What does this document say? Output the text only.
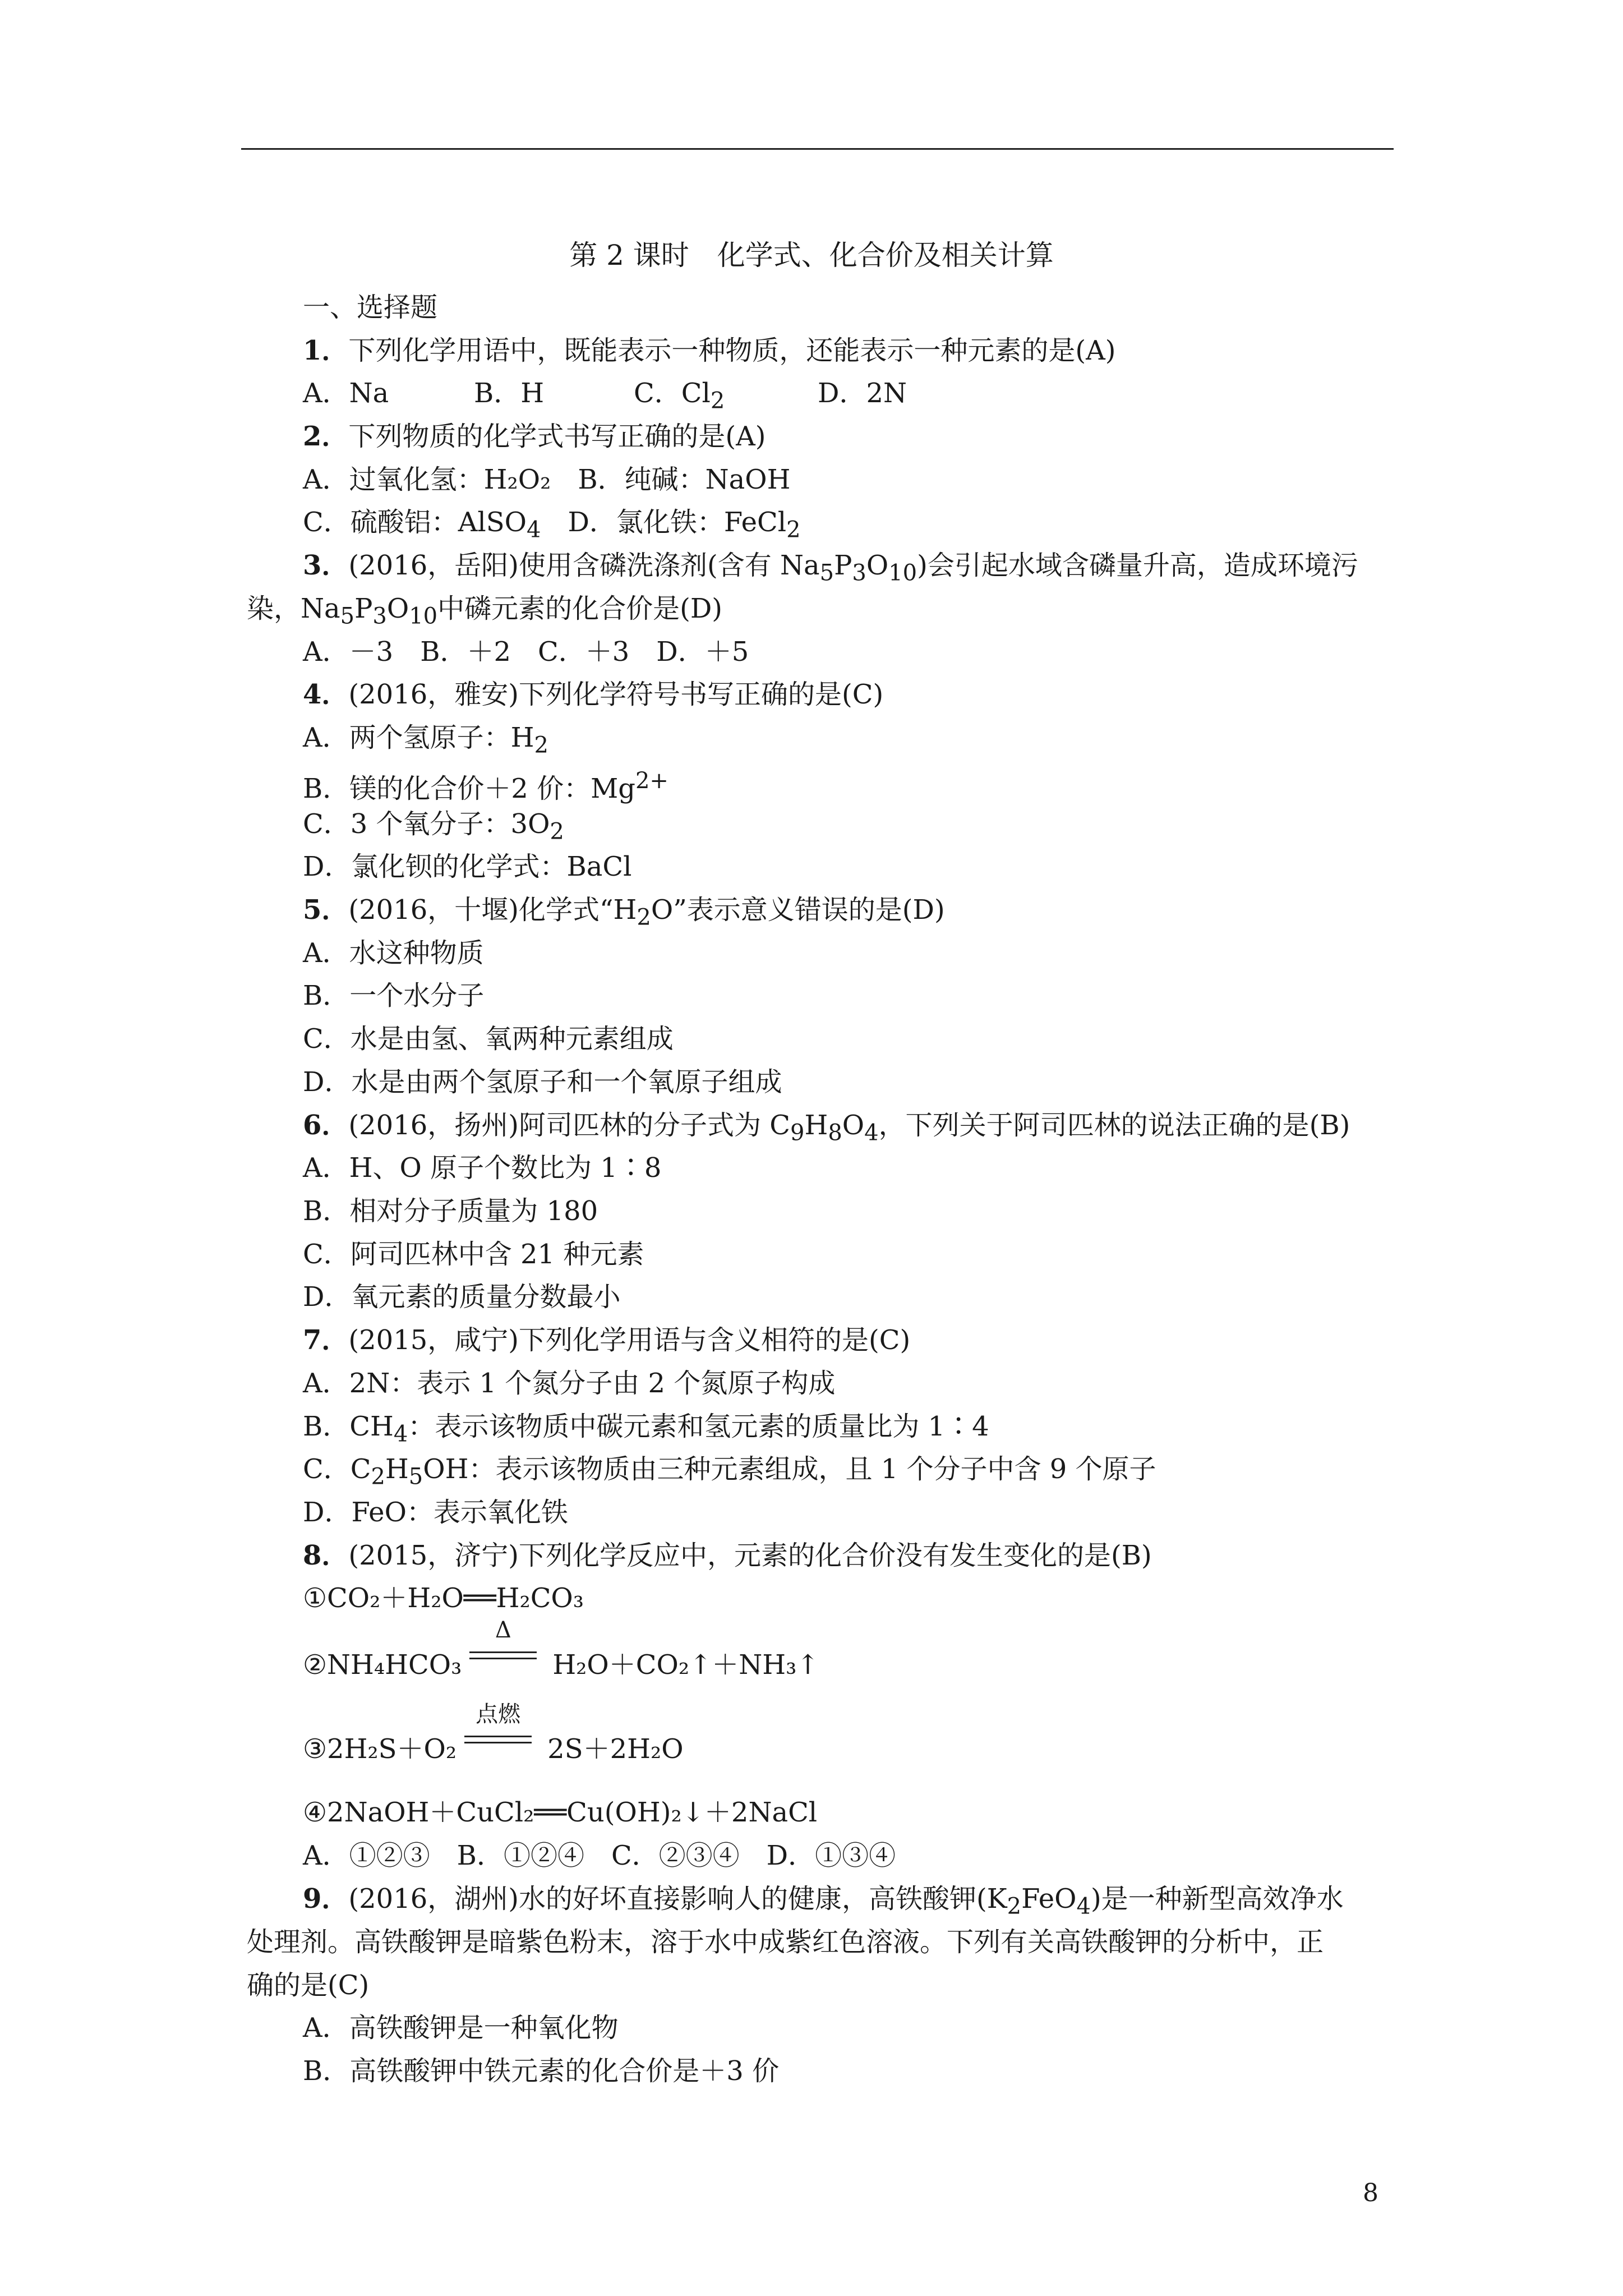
第 2 课时　化学式、化合价及相关计算
一、选择题
1．下列化学用语中，既能表示一种物质，还能表示一种元素的是(A)
A．Na	B．H	C．$Cl_2$	D．2N
2．下列物质的化学式书写正确的是(A)
A．过氧化氢：H₂O₂　B．纯碱：NaOH
C．硫酸铝：AlSO$_4$　D．氯化铁：FeCl$_2$
3．(2016，岳阳)使用含磷洗涤剂(含有 $Na_5P_3O_{10}$)会引起水域含磷量升高，造成环境污
染，$Na_5P_3O_{10}$中磷元素的化合价是(D)
A．－3　B．＋2　C．＋3　D．＋5
4．(2016，雅安)下列化学符号书写正确的是(C)
A．两个氢原子：$H_2$
B．镁的化合价＋2 价：$Mg^{2+}$
C．3 个氧分子：$3O_2$
D．氯化钡的化学式：BaCl
5．(2016，十堰)化学式“$H_2O$”表示意义错误的是(D)
A．水这种物质
B．一个水分子
C．水是由氢、氧两种元素组成
D．水是由两个氢原子和一个氧原子组成
6．(2016，扬州)阿司匹林的分子式为 $C_9H_8O_4$，下列关于阿司匹林的说法正确的是(B)
A．H、O 原子个数比为 1∶8
B．相对分子质量为 180
C．阿司匹林中含 21 种元素
D．氧元素的质量分数最小
7．(2015，咸宁)下列化学用语与含义相符的是(C)
A．2N：表示 1 个氮分子由 2 个氮原子构成
B．$CH_4$：表示该物质中碳元素和氢元素的质量比为 1∶4
C．$C_2H_5OH$：表示该物质由三种元素组成，且 1 个分子中含 9 个原子
D．FeO：表示氧化铁
8．(2015，济宁)下列化学反应中，元素的化合价没有发生变化的是(B)
①CO₂＋H₂O══H₂CO₃
②NH₄HCO₃
Δ
H₂O＋CO₂↑＋NH₃↑
③2H₂S＋O₂
点燃
2S＋2H₂O
④2NaOH＋CuCl₂══Cu(OH)₂↓＋2NaCl
A．①②③　B．①②④　C．②③④　D．①③④
9．(2016，湖州)水的好坏直接影响人的健康，高铁酸钾$(K_2FeO_4)$是一种新型高效净水
处理剂。高铁酸钾是暗紫色粉末，溶于水中成紫红色溶液。下列有关高铁酸钾的分析中，正
确的是(C)
A．高铁酸钾是一种氧化物
B．高铁酸钾中铁元素的化合价是＋3 价
8
